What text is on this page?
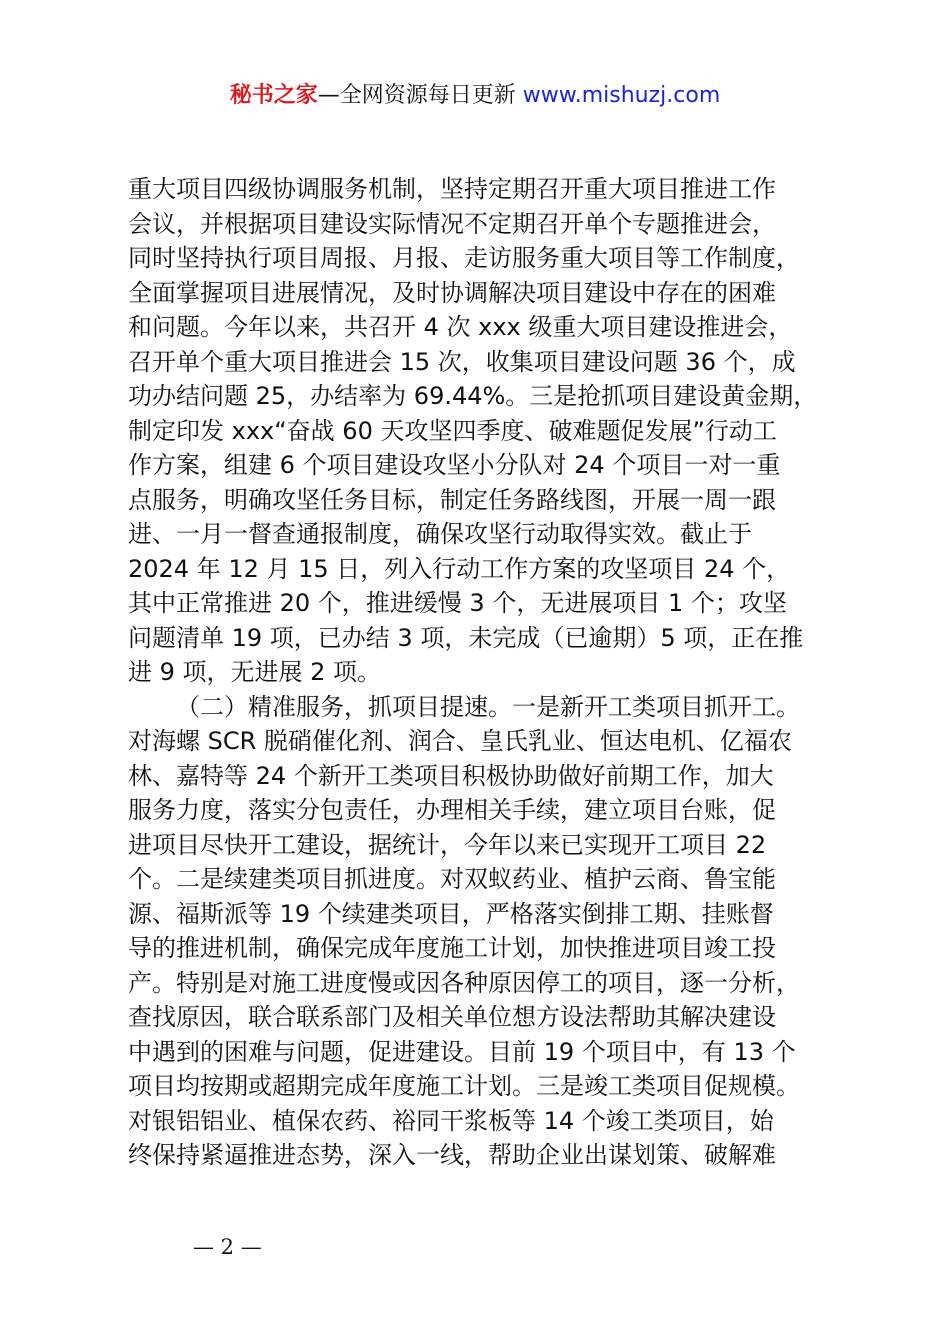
秘书之家—全网资源每日更新 www.mishuzj.com
重大项目四级协调服务机制，坚持定期召开重大项目推进工作
会议，并根据项目建设实际情况不定期召开单个专题推进会，
同时坚持执行项目周报、月报、走访服务重大项目等工作制度，
全面掌握项目进展情况，及时协调解决项目建设中存在的困难
和问题。今年以来，共召开 4 次 xxx 级重大项目建设推进会，
召开单个重大项目推进会 15 次，收集项目建设问题 36 个，成
功办结问题 25，办结率为 69.44%。三是抢抓项目建设黄金期，
制定印发 xxx“奋战 60 天攻坚四季度、破难题促发展”行动工
作方案，组建 6 个项目建设攻坚小分队对 24 个项目一对一重
点服务，明确攻坚任务目标，制定任务路线图，开展一周一跟
进、一月一督查通报制度，确保攻坚行动取得实效。截止于
2024 年 12 月 15 日，列入行动工作方案的攻坚项目 24 个，
其中正常推进 20 个，推进缓慢 3 个，无进展项目 1 个；攻坚
问题清单 19 项，已办结 3 项，未完成（已逾期）5 项，正在推
进 9 项，无进展 2 项。
（二）精准服务，抓项目提速。一是新开工类项目抓开工。
对海螺 SCR 脱硝催化剂、润合、皇氏乳业、恒达电机、亿福农
林、嘉特等 24 个新开工类项目积极协助做好前期工作，加大
服务力度，落实分包责任，办理相关手续，建立项目台账，促
进项目尽快开工建设，据统计，今年以来已实现开工项目 22
个。二是续建类项目抓进度。对双蚁药业、植护云商、鲁宝能
源、福斯派等 19 个续建类项目，严格落实倒排工期、挂账督
导的推进机制，确保完成年度施工计划，加快推进项目竣工投
产。特别是对施工进度慢或因各种原因停工的项目，逐一分析，
查找原因，联合联系部门及相关单位想方设法帮助其解决建设
中遇到的困难与问题，促进建设。目前 19 个项目中，有 13 个
项目均按期或超期完成年度施工计划。三是竣工类项目促规模。
对银铝铝业、植保农药、裕同干浆板等 14 个竣工类项目，始
终保持紧逼推进态势，深入一线，帮助企业出谋划策、破解难
— 2 —
